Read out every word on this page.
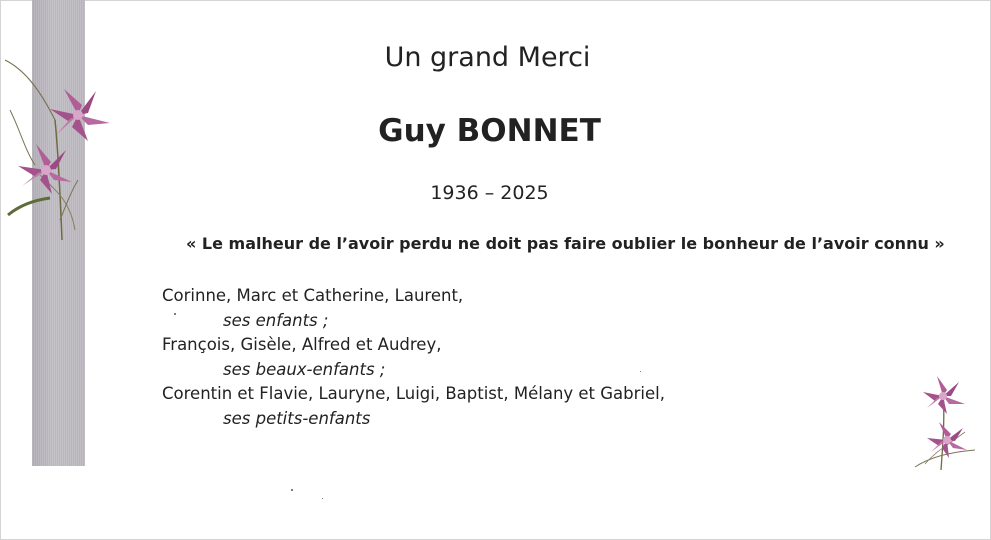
Un grand Merci
Guy BONNET
1936 – 2025
« Le malheur de l’avoir perdu ne doit pas faire oublier le bonheur de l’avoir connu »
Corinne, Marc et Catherine, Laurent,
ses enfants ;
François, Gisèle, Alfred et Audrey,
ses beaux-enfants ;
Corentin et Flavie, Lauryne, Luigi, Baptist, Mélany et Gabriel,
ses petits-enfants
